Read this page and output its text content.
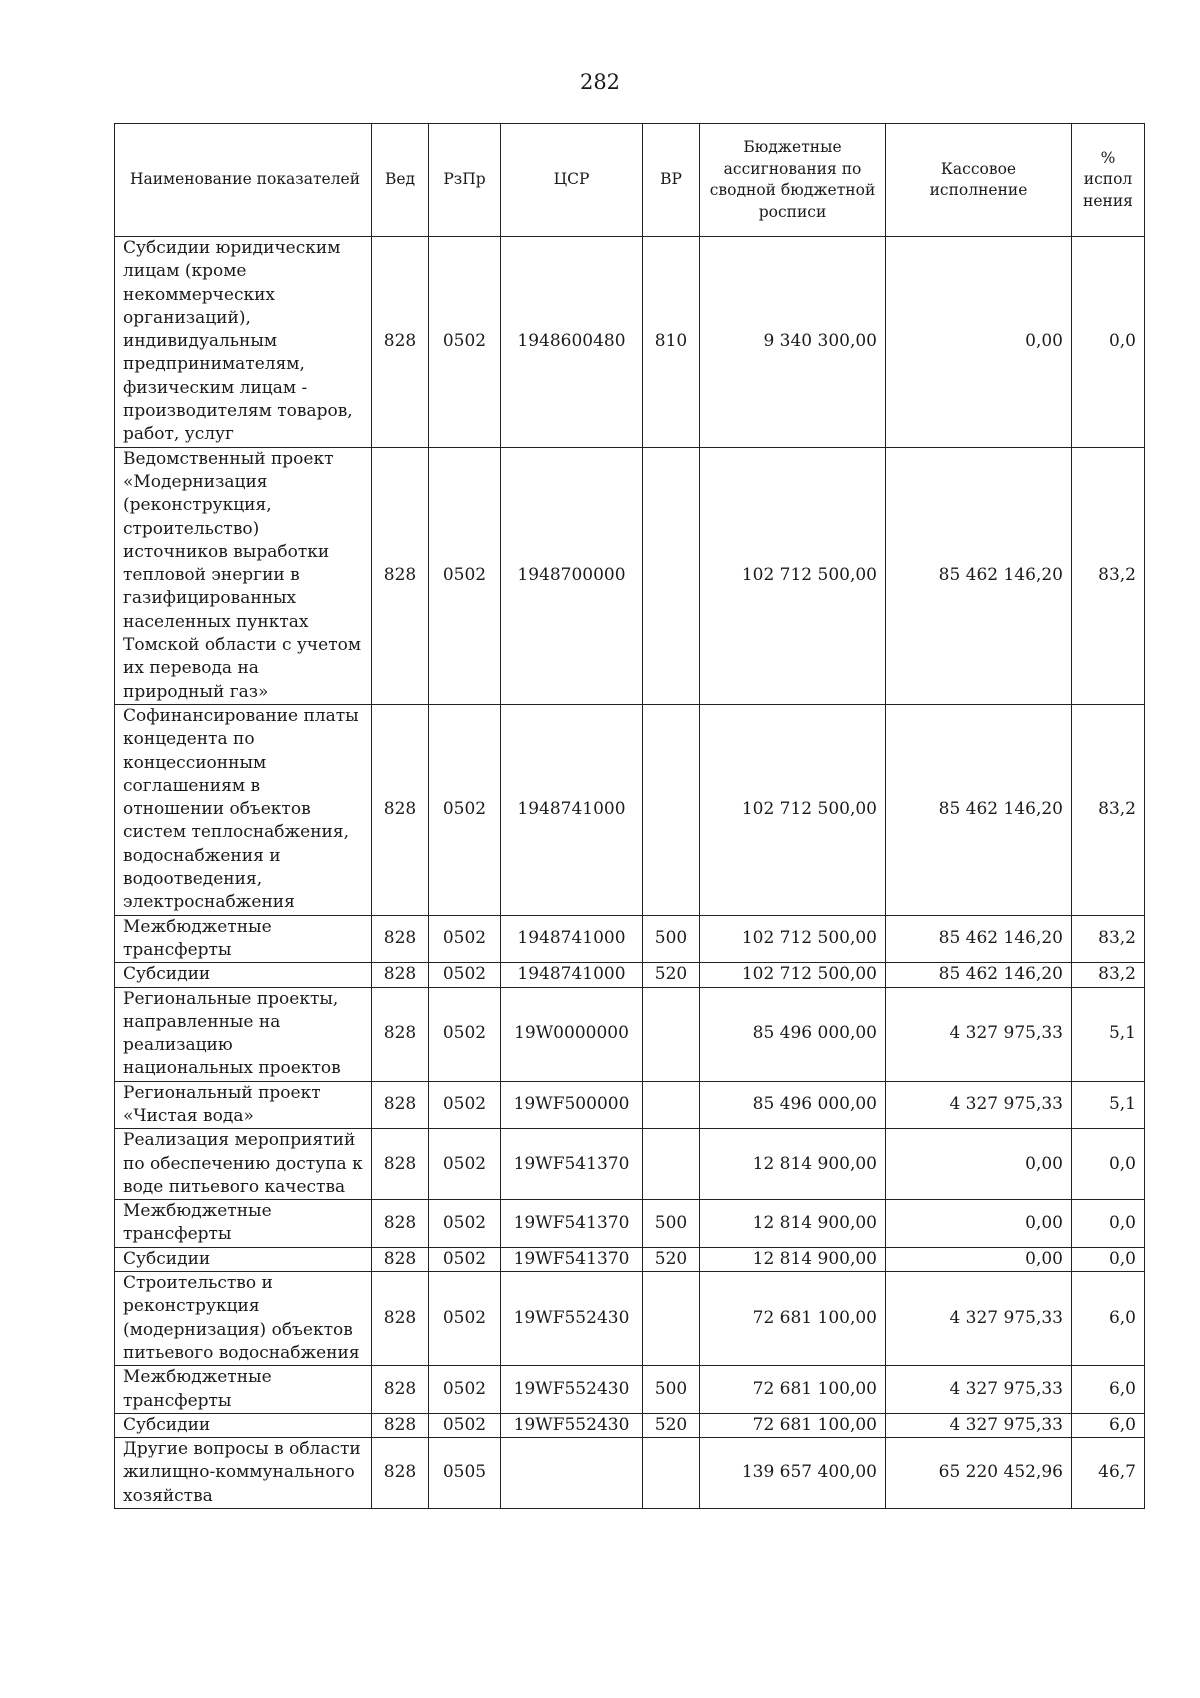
282
Наименование показателей	Вед	РзПр	ЦСР	ВР	Бюджетные ассигнования по сводной бюджетной росписи	Кассовое исполнение	% испол нения
Субсидии юридическим лицам (кроме некоммерческих организаций), индивидуальным предпринимателям, физическим лицам - производителям товаров, работ, услуг	828	0502	1948600480	810	9 340 300,00	0,00	0,0
Ведомственный проект «Модернизация (реконструкция, строительство) источников выработки тепловой энергии в газифицированных населенных пунктах Томской области с учетом их перевода на природный газ»	828	0502	1948700000		102 712 500,00	85 462 146,20	83,2
Софинансирование платы концедента по концессионным соглашениям в отношении объектов систем теплоснабжения, водоснабжения и водоотведения, электроснабжения	828	0502	1948741000		102 712 500,00	85 462 146,20	83,2
Межбюджетные трансферты	828	0502	1948741000	500	102 712 500,00	85 462 146,20	83,2
Субсидии	828	0502	1948741000	520	102 712 500,00	85 462 146,20	83,2
Региональные проекты, направленные на реализацию национальных проектов	828	0502	19W0000000		85 496 000,00	4 327 975,33	5,1
Региональный проект «Чистая вода»	828	0502	19WF500000		85 496 000,00	4 327 975,33	5,1
Реализация мероприятий по обеспечению доступа к воде питьевого качества	828	0502	19WF541370		12 814 900,00	0,00	0,0
Межбюджетные трансферты	828	0502	19WF541370	500	12 814 900,00	0,00	0,0
Субсидии	828	0502	19WF541370	520	12 814 900,00	0,00	0,0
Строительство и реконструкция (модернизация) объектов питьевого водоснабжения	828	0502	19WF552430		72 681 100,00	4 327 975,33	6,0
Межбюджетные трансферты	828	0502	19WF552430	500	72 681 100,00	4 327 975,33	6,0
Субсидии	828	0502	19WF552430	520	72 681 100,00	4 327 975,33	6,0
Другие вопросы в области жилищно-коммунального хозяйства	828	0505			139 657 400,00	65 220 452,96	46,7
